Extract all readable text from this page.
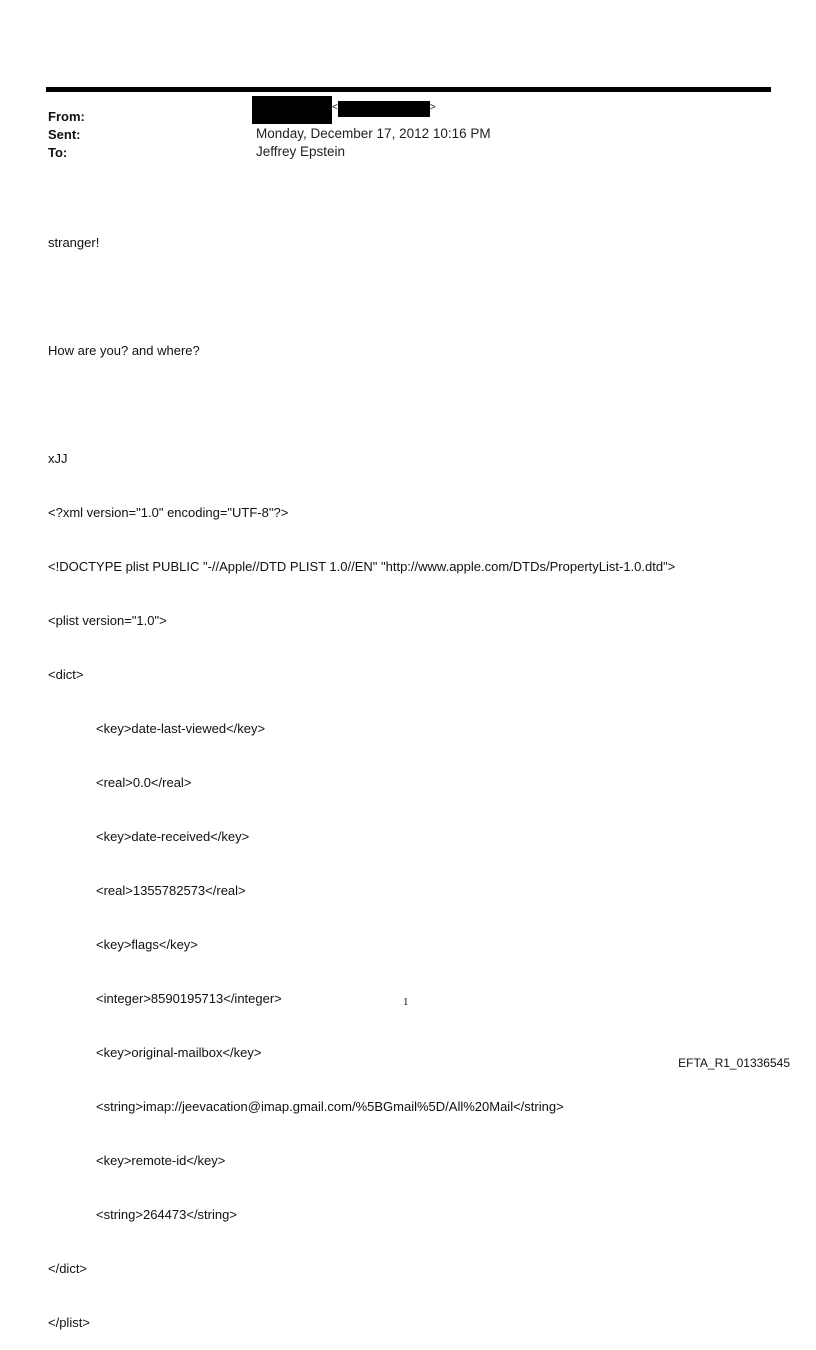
From:
Sent:
To:
<	>
Monday, December 17, 2012 10:16 PM
Jeffrey Epstein

stranger!

How are you? and where?

xJJ

<?xml version="1.0" encoding="UTF-8"?>

<!DOCTYPE plist PUBLIC "-//Apple//DTD PLIST 1.0//EN" "http://www.apple.com/DTDs/PropertyList-1.0.dtd">

<plist version="1.0">

<dict>

<key>date-last-viewed</key>

<real>0.0</real>

<key>date-received</key>

<real>1355782573</real>

<key>flags</key>

<integer>8590195713</integer>

<key>original-mailbox</key>

<string>imap://jeevacation@imap.gmail.com/%5BGmail%5D/All%20Mail</string>

<key>remote-id</key>

<string>264473</string>

</dict>

</plist>

1
EFTA_R1_01336545
